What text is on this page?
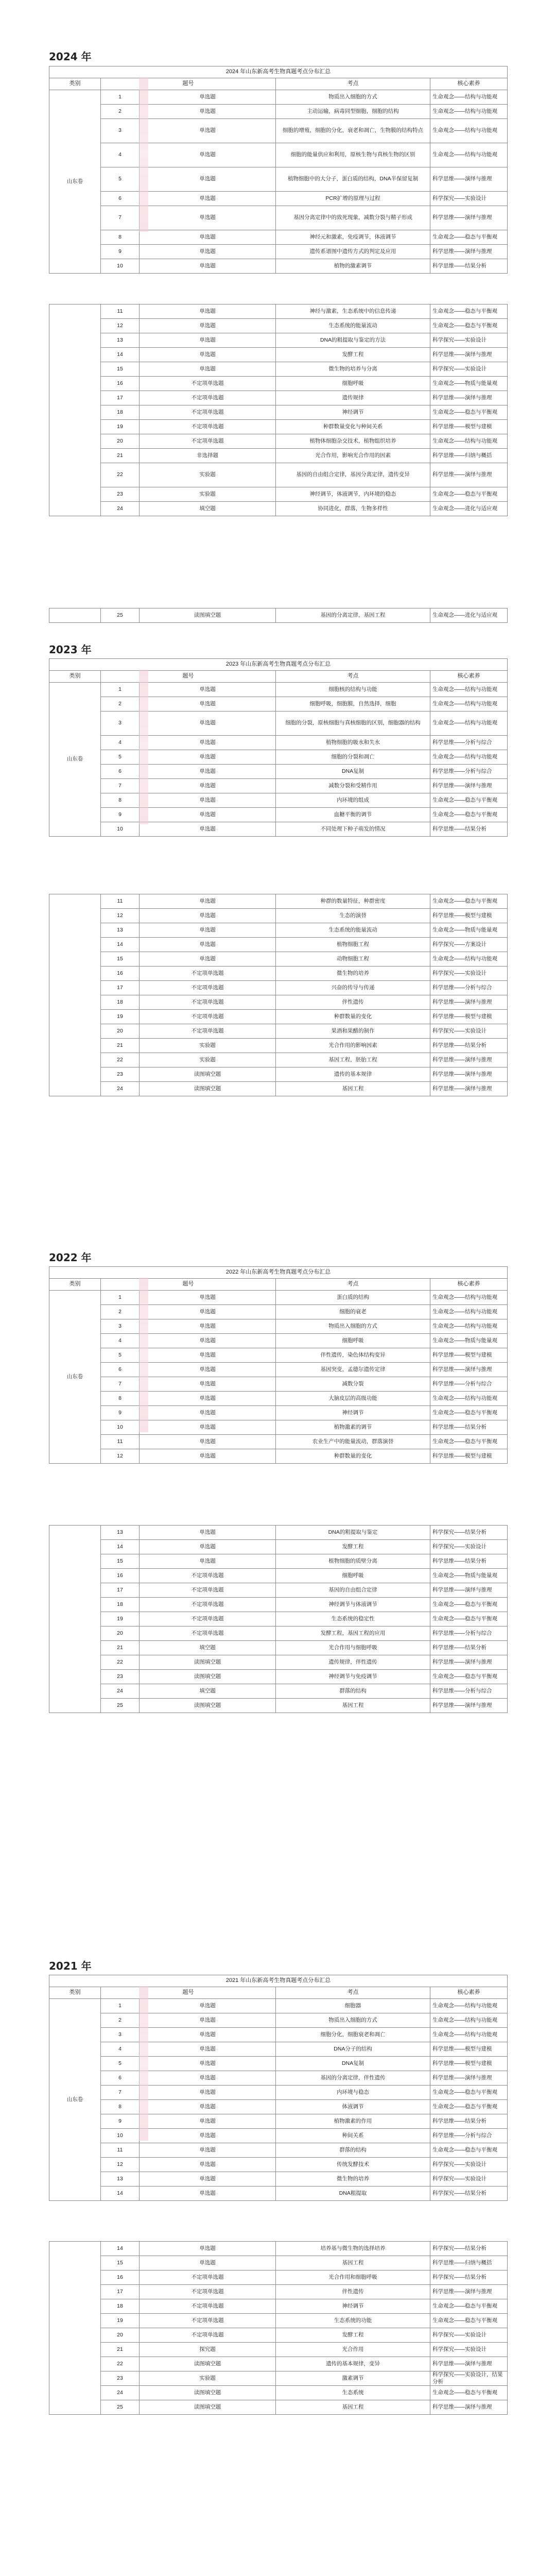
2024 年
2024 年山东新高考生物真题考点分布汇总				
类别	题号		考点	核心素养
山东卷	1	单选题	物质出入细胞的方式	生命观念——结构与功能观
	2	单选题	主动运输，病毒同型细胞，细胞的结构	生命观念——结构与功能观
	3	单选题	细胞的增殖，细胞的分化，衰老和凋亡，生物膜的结构特点	生命观念——结构与功能观
	4	单选题	细胞的能量供应和利用，原核生物与真核生物的区别	生命观念——结构与功能观
	5	单选题	植物细胞中的大分子，蛋白质的结构，DNA半保留复制	科学思维——演绎与推理
	6	单选题	PCR扩增的原理与过程	科学探究——实验设计
	7	单选题	基因分离定律中的致死现象，减数分裂与精子形成	科学思维——演绎与推理
	8	单选题	神经元和激素，免疫调节，体液调节	生命观念——稳态与平衡观
	9	单选题	遗传系谱图中遗传方式的判定及应用	科学思维——演绎与推理
	10	单选题	植物的激素调节	科学思维——结果分析
	11	单选题	神经与激素，生态系统中的信息传递	生命观念——稳态与平衡观
	12	单选题	生态系统的能量流动	生命观念——稳态与平衡观
	13	单选题	DNA的粗提取与鉴定的方法	科学探究——实验设计
	14	单选题	发酵工程	科学思维——演绎与推理
	15	单选题	微生物的培养与分离	科学探究——实验设计
	16	不定项单选题	细胞呼吸	生命观念——物质与能量观
	17	不定项单选题	遗传规律	科学思维——演绎与推理
	18	不定项单选题	神经调节	生命观念——稳态与平衡观
	19	不定项单选题	种群数量变化与种间关系	科学思维——模型与建模
	20	不定项单选题	植物体细胞杂交技术，植物组织培养	生命观念——结构与功能观
	21	非选择题	光合作用，影响光合作用的因素	科学思维——归纳与概括
	22	实验题	基因的自由组合定律，基因分离定律，遗传变异	科学思维——演绎与推理
	23	实验题	神经调节，体液调节，内环境的稳态	生命观念——稳态与平衡观
	24	填空题	协同进化，群落，生物多样性	生命观念——进化与适应观
	25	读图填空题	基因的分离定律，基因工程	生命观念——进化与适应观
2023 年
2023 年山东新高考生物真题考点分布汇总				
类别	题号		考点	核心素养
山东卷	1	单选题	细胞核的结构与功能	生命观念——结构与功能观
	2	单选题	细胞呼吸，细胞膜，自然选择，细胞	生命观念——结构与功能观
	3	单选题	细胞的分裂，原核细胞与真核细胞的区别，细胞器的结构	生命观念——结构与功能观
	4	单选题	植物细胞的吸水和失水	科学思维——分析与综合
	5	单选题	细胞的分裂和凋亡	生命观念——结构与功能观
	6	单选题	DNA复制	科学思维——分析与综合
	7	单选题	减数分裂和受精作用	科学思维——演绎与推理
	8	单选题	内环境的组成	生命观念——稳态与平衡观
	9	单选题	血糖平衡的调节	生命观念——稳态与平衡观
	10	单选题	不同处理下种子萌发的情况	科学思维——结果分析
	11	单选题	种群的数量特征，种群密度	生命观念——稳态与平衡观
	12	单选题	生态的演替	科学思维——模型与建模
	13	单选题	生态系统的能量流动	生命观念——物质与能量观
	14	单选题	植物细胞工程	科学探究——方案设计
	15	单选题	动物细胞工程	生命观念——结构与功能观
	16	不定项单选题	微生物的培养	科学探究——实验设计
	17	不定项单选题	兴奋的传导与传递	科学思维——分析与综合
	18	不定项单选题	伴性遗传	科学思维——演绎与推理
	19	不定项单选题	种群数量的变化	科学思维——模型与建模
	20	不定项单选题	果酒和果醋的制作	科学探究——实验设计
	21	实验题	光合作用的影响因素	科学思维——结果分析
	22	实验题	基因工程，胚胎工程	科学思维——演绎与推理
	23	读图填空题	遗传的基本规律	科学思维——演绎与推理
	24	读图填空题	基因工程	科学思维——演绎与推理
2022 年
2022 年山东新高考生物真题考点分布汇总				
类别	题号		考点	核心素养
山东卷	1	单选题	蛋白质的结构	生命观念——结构与功能观
	2	单选题	细胞的衰老	生命观念——结构与功能观
	3	单选题	物质出入细胞的方式	生命观念——结构与功能观
	4	单选题	细胞呼吸	生命观念——物质与能量观
	5	单选题	伴性遗传，染色体结构变异	科学思维——模型与建模
	6	单选题	基因突变，孟德尔遗传定律	科学思维——演绎与推理
	7	单选题	减数分裂	科学思维——分析与综合
	8	单选题	大脑皮层的高级功能	生命观念——结构与功能观
	9	单选题	神经调节	生命观念——稳态与平衡观
	10	单选题	植物激素的调节	科学思维——结果分析
	11	单选题	农业生产中的能量流动，群落演替	生命观念——稳态与平衡观
	12	单选题	种群数量的变化	科学思维——模型与建模
	13	单选题	DNA的粗提取与鉴定	科学探究——结果分析
	14	单选题	发酵工程	科学探究——实验设计
	15	单选题	植物细胞的质壁分离	科学思维——结果分析
	16	不定项单选题	细胞呼吸	生命观念——物质与能量观
	17	不定项单选题	基因的自由组合定律	科学思维——演绎与推理
	18	不定项单选题	神经调节与体液调节	生命观念——稳态与平衡观
	19	不定项单选题	生态系统的稳定性	生命观念——稳态与平衡观
	20	不定项单选题	发酵工程，基因工程的应用	科学思维——分析与综合
	21	填空题	光合作用与细胞呼吸	科学思维——结果分析
	22	读图填空题	遗传规律，伴性遗传	科学思维——演绎与推理
	23	读图填空题	神经调节与免疫调节	生命观念——稳态与平衡观
	24	填空题	群落的结构	科学思维——分析与综合
	25	读图填空题	基因工程	科学思维——演绎与推理
2021 年
2021 年山东新高考生物真题考点分布汇总				
类别	题号		考点	核心素养
山东卷	1	单选题	细胞器	生命观念——结构与功能观
	2	单选题	物质出入细胞的方式	生命观念——结构与功能观
	3	单选题	细胞分化，细胞衰老和凋亡	生命观念——结构与功能观
	4	单选题	DNA分子的结构	科学思维——模型与建模
	5	单选题	DNA复制	科学思维——模型与建模
	6	单选题	基因的分离定律，伴性遗传	科学思维——演绎与推理
	7	单选题	内环境与稳态	生命观念——稳态与平衡观
	8	单选题	体液调节	生命观念——稳态与平衡观
	9	单选题	植物激素的作用	科学思维——结果分析
	10	单选题	种间关系	科学思维——分析与综合
	11	单选题	群落的结构	生命观念——稳态与平衡观
	12	单选题	传统发酵技术	科学探究——实验设计
	13	单选题	微生物的培养	科学探究——实验设计
	14	单选题	DNA粗提取	科学探究——结果分析
	14	单选题	培养基与微生物的选择培养	科学探究——结果分析
	15	单选题	基因工程	科学思维——归纳与概括
	16	不定项单选题	光合作用和细胞呼吸	科学探究——结果分析
	17	不定项单选题	伴性遗传	科学思维——演绎与推理
	18	不定项单选题	神经调节	生命观念——稳态与平衡观
	19	不定项单选题	生态系统的功能	生命观念——稳态与平衡观
	20	不定项单选题	发酵工程	科学探究——实验设计
	21	探究题	光合作用	科学探究——实验设计
	22	读图填空题	遗传的基本规律，变异	科学思维——演绎与推理
	23	实验题	激素调节	科学探究——实验设计，结果分析
	24	读图填空题	生态系统	生命观念——稳态与平衡观
	25	读图填空题	基因工程	科学思维——演绎与推理
